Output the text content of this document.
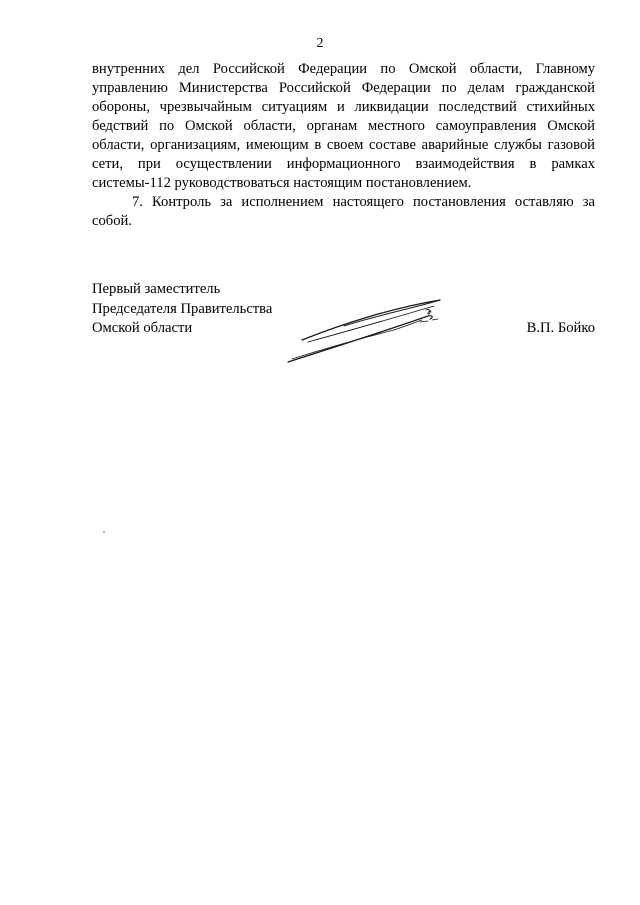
2

внутренних дел Российской Федерации по Омской области, Главному управлению Министерства Российской Федерации по делам гражданской обороны, чрезвычайным ситуациям и ликвидации последствий стихийных бедствий по Омской области, органам местного самоуправления Омской области, организациям, имеющим в своем составе аварийные службы газовой сети, при осуществлении информационного взаимодействия в рамках системы-112 руководствоваться настоящим постановлением.

7. Контроль за исполнением настоящего постановления оставляю за собой.

Первый заместитель
Председателя Правительства
Омской области	В.П. Бойко
